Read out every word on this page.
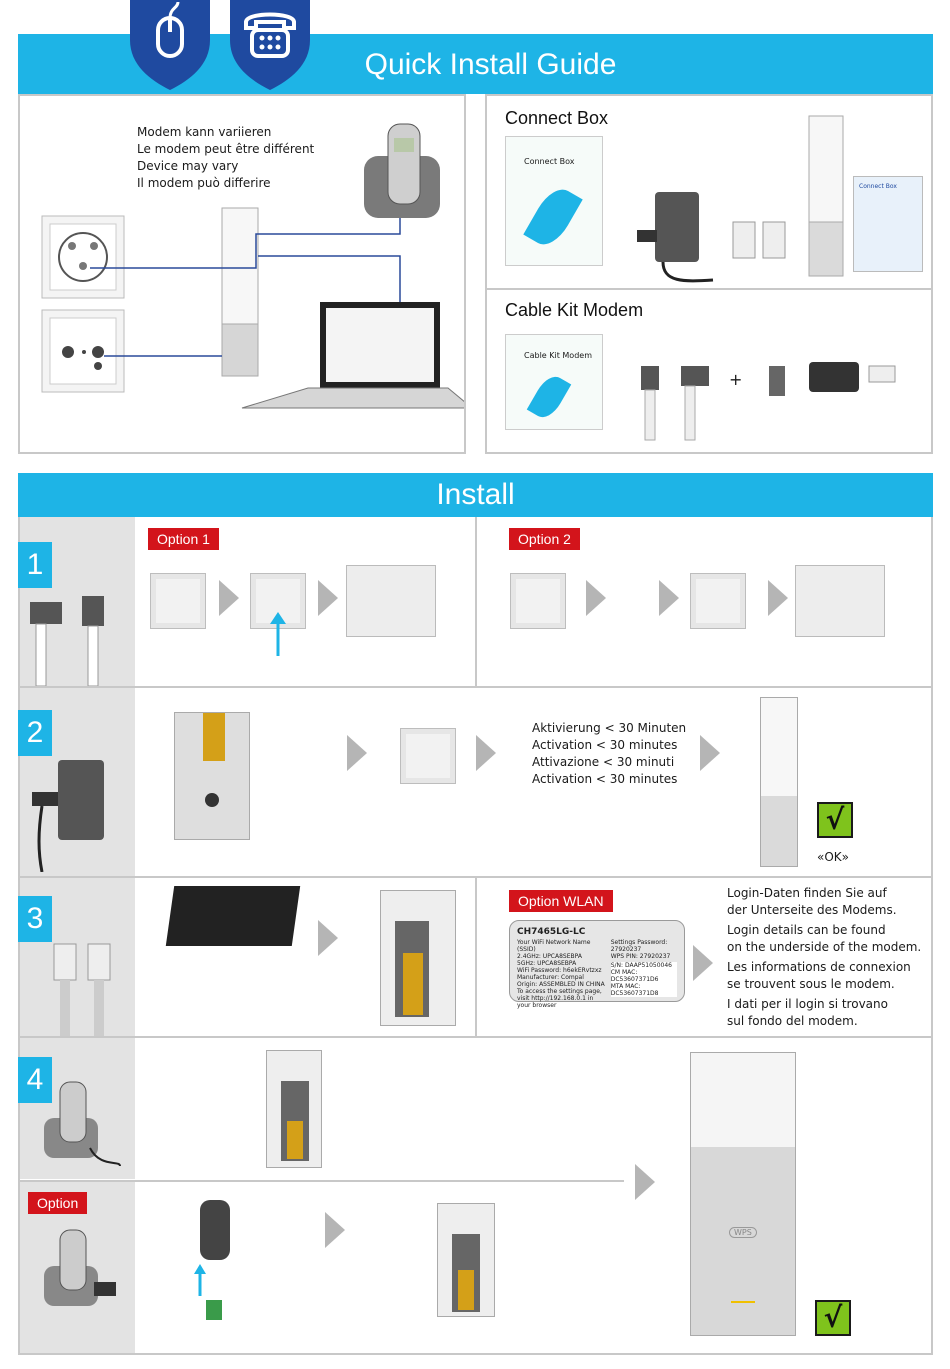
Quick Install Guide
Modem kann variieren
Le modem peut être différent
Device may vary
Il modem può differire
Connect Box
Cable Kit Modem
Connect Box
Connect Box
Cable Kit Modem
+
Install
1
Option 1	Option 2
2	Aktivierung < 30 Minuten
Activation < 30 minutes
Attivazione < 30 minuti
Activation < 30 minutes
√
«OK»
3
Option WLAN
CH7465LG-LC
Your WiFi Network Name (SSID)
2.4GHz: UPCA8SEBPA
5GHz: UPCA8SEBPA
WiFi Password: h6ekERvtzxz
Manufacturer: Compal
Origin: ASSEMBLED IN CHINA
To access the settings page, visit http://192.168.0.1 in your browser
Settings Password: 27920237
WPS PIN: 27920237
S/N: DAAP51050046
CM MAC: DC53607371D6
MTA MAC: DC53607371D8
Login-Daten finden Sie auf
der Unterseite des Modems.
Login details can be found
on the underside of the modem.
Les informations de connexion
se trouvent sous le modem.
I dati per il login si trovano
sul fondo del modem.
4
WPS
√
Option
